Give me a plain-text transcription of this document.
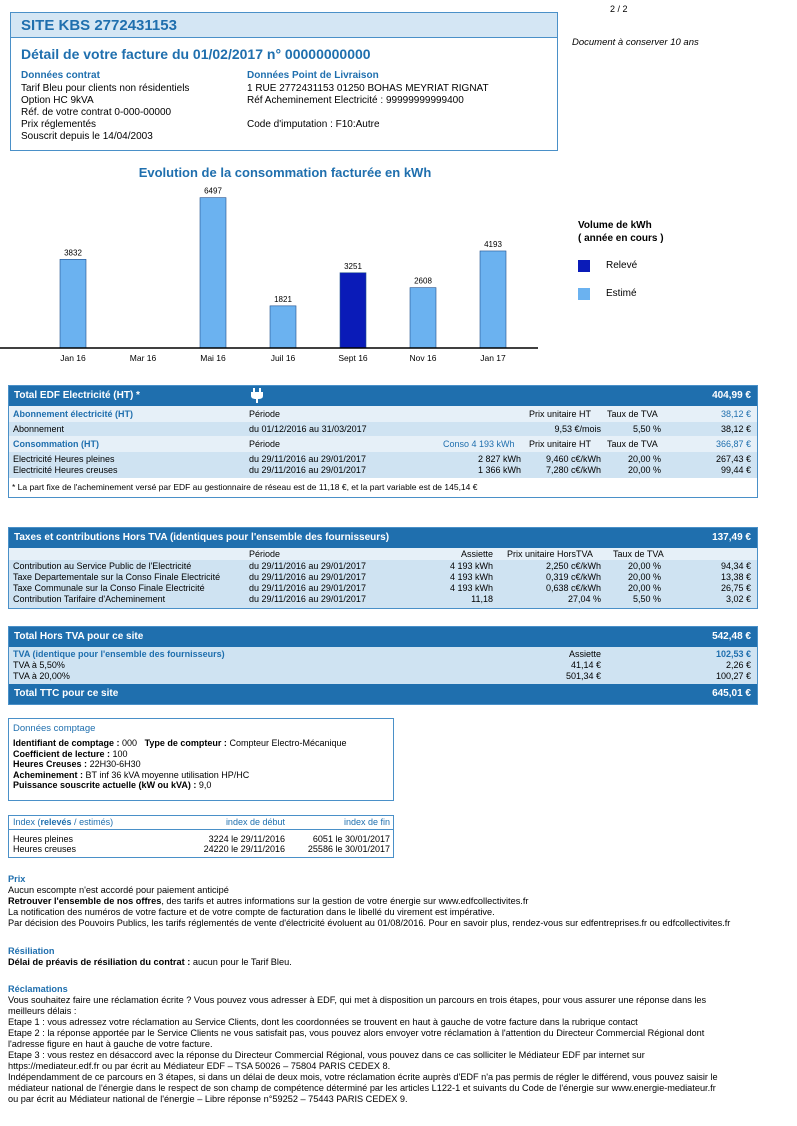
2 / 2
Document à conserver 10 ans
SITE KBS 2772431153
Détail de votre facture du 01/02/2017 n° 00000000000
Données contrat
Tarif Bleu pour clients non résidentiels
Option HC 9kVA
Réf. de votre contrat 0-000-00000
Prix réglementés
Souscrit depuis le 14/04/2003
Données Point de Livraison
1 RUE 2772431153 01250 BOHAS MEYRIAT RIGNAT
Réf Acheminement Electricité : 99999999999400
Code d'imputation : F10:Autre
Evolution de la consommation facturée en kWh
3832
Jan 16	Mar 16
6497
Mai 16
1821
Juil 16
3251
Sept 16
2608
Nov 16
4193
Jan 17
Volume de kWh
( année en cours )
Relevé
Estimé
Total EDF Electricité (HT) *	404,99 €
Abonnement électricité (HT)	Période	Prix unitaire HT Taux de TVA	38,12 €
Abonnement	du 01/12/2016 au 31/03/2017	9,53 €/mois	5,50 %	38,12 €
Consommation (HT)	Période	Conso 4 193 kWh Prix unitaire HT Taux de TVA	366,87 €
Electricité Heures pleines	du 29/11/2016 au 29/01/2017	2 827 kWh	9,460 c€/kWh	20,00 %	267,43 €
Electricité Heures creuses	du 29/11/2016 au 29/01/2017	1 366 kWh	7,280 c€/kWh	20,00 %	99,44 €
* La part fixe de l'acheminement versé par EDF au gestionnaire de réseau est de 11,18 €, et la part variable est de 145,14 €
Taxes et contributions Hors TVA (identiques pour l'ensemble des fournisseurs)	137,49 €
Période	Assiette Prix unitaire HorsTVA Taux de TVA
Contribution au Service Public de l'Electricité	du 29/11/2016 au 29/01/2017	4 193 kWh	2,250 c€/kWh	20,00 %	94,34 €
Taxe Departementale sur la Conso Finale Electricité	du 29/11/2016 au 29/01/2017	4 193 kWh	0,319 c€/kWh	20,00 %	13,38 €
Taxe Communale sur la Conso Finale Electricité	du 29/11/2016 au 29/01/2017	4 193 kWh	0,638 c€/kWh	20,00 %	26,75 €
Contribution Tarifaire d'Acheminement	du 29/11/2016 au 29/01/2017	11,18	27,04 %	5,50 %	3,02 €
Total Hors TVA pour ce site	542,48 €
TVA (identique pour l'ensemble des fournisseurs)	Assiette	102,53 €
TVA à 5,50%	41,14 €	2,26 €
TVA à 20,00%	501,34 €	100,27 €
Total TTC pour ce site	645,01 €
Données comptage
Identifiant de comptage : 000 Type de compteur : Compteur Electro-Mécanique
Coefficient de lecture : 100
Heures Creuses : 22H30-6H30
Acheminement : BT inf 36 kVA moyenne utilisation HP/HC
Puissance souscrite actuelle (kW ou kVA) : 9,0
Index (relevés / estimés)	index de début	index de fin
Heures pleines	3224 le 29/11/2016	6051 le 30/01/2017
Heures creuses	24220 le 29/11/2016	25586 le 30/01/2017
Prix
Aucun escompte n'est accordé pour paiement anticipé
Retrouver l'ensemble de nos offres, des tarifs et autres informations sur la gestion de votre énergie sur www.edfcollectivites.fr
La notification des numéros de votre facture et de votre compte de facturation dans le libellé du virement est impérative.
Par décision des Pouvoirs Publics, les tarifs réglementés de vente d'électricité évoluent au 01/08/2016. Pour en savoir plus, rendez-vous sur edfentreprises.fr ou edfcollectivites.fr
Résiliation
Délai de préavis de résiliation du contrat : aucun pour le Tarif Bleu.
Réclamations
Vous souhaitez faire une réclamation écrite ? Vous pouvez vous adresser à EDF, qui met à disposition un parcours en trois étapes, pour vous assurer une réponse dans les
meilleurs délais :
Etape 1 : vous adressez votre réclamation au Service Clients, dont les coordonnées se trouvent en haut à gauche de votre facture dans la rubrique contact
Etape 2 : la réponse apportée par le Service Clients ne vous satisfait pas, vous pouvez alors envoyer votre réclamation à l'attention du Directeur Commercial Régional dont
l'adresse figure en haut à gauche de votre facture.
Etape 3 : vous restez en désaccord avec la réponse du Directeur Commercial Régional, vous pouvez dans ce cas solliciter le Médiateur EDF par internet sur
https://mediateur.edf.fr ou par écrit au Médiateur EDF – TSA 50026 – 75804 PARIS CEDEX 8.
Indépendamment de ce parcours en 3 étapes, si dans un délai de deux mois, votre réclamation écrite auprès d'EDF n'a pas permis de régler le différend, vous pouvez saisir le
médiateur national de l'énergie dans le respect de son champ de compétence déterminé par les articles L122-1 et suivants du Code de l'énergie sur www.energie-mediateur.fr
ou par écrit au Médiateur national de l'énergie – Libre réponse n°59252 – 75443 PARIS CEDEX 9.
